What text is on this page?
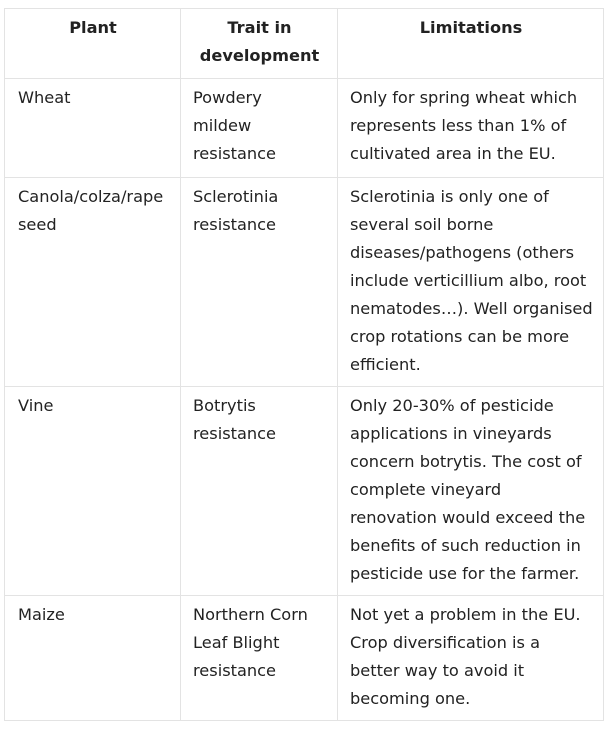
Plant	Trait in development	Limitations
Wheat	Powdery mildew resistance	Only for spring wheat which represents less than 1% of cultivated area in the EU.
Canola/colza/rape seed	Sclerotinia resistance	Sclerotinia is only one of several soil borne diseases/pathogens (others include verticillium albo, root nematodes…). Well organised crop rotations can be more efficient.
Vine	Botrytis resistance	Only 20-30% of pesticide applications in vineyards concern botrytis. The cost of complete vineyard renovation would exceed the benefits of such reduction in pesticide use for the farmer.
Maize	Northern Corn Leaf Blight resistance	Not yet a problem in the EU. Crop diversification is a better way to avoid it becoming one.
